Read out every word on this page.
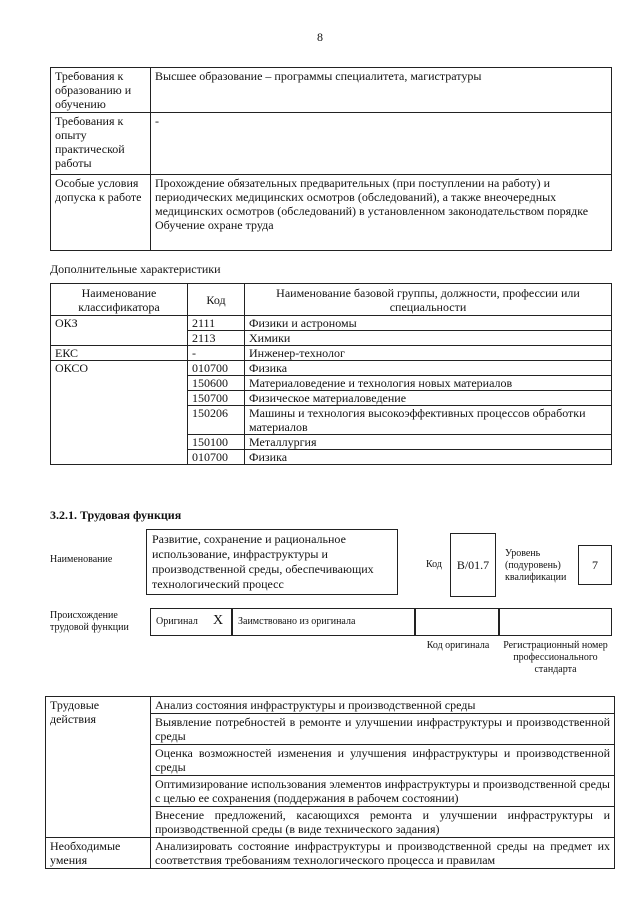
8
Требования к образованию и обучению	Высшее образование – программы специалитета, магистратуры
Требования к опыту практической работы	-
Особые условия допуска к работе	Прохождение обязательных предварительных (при поступлении на работу) и периодических медицинских осмотров (обследований), а также внеочередных медицинских осмотров (обследований) в установленном законодательством порядке
Обучение охране труда
Дополнительные характеристики
Наименование классификатора	Код	Наименование базовой группы, должности, профессии или специальности
ОКЗ	2111	Физики и астрономы
	2113	Химики
ЕКС	-	Инженер-технолог
ОКСО	010700	Физика
	150600	Материаловедение и технология новых материалов
	150700	Физическое материаловедение
	150206	Машины и технология высокоэффективных процессов обработки материалов
	150100	Металлургия
	010700	Физика
3.2.1. Трудовая функция
Наименование
Развитие, сохранение и рациональное использование, инфраструктуры и производственной среды, обеспечивающих технологический процесс
Код	B/01.7
Уровень (подуровень) квалификации
7
Происхождение трудовой функции
Оригинал X Заимствовано из оригинала
Код оригинала	Регистрационный номер профессионального стандарта
Трудовые действия	Анализ состояния инфраструктуры и производственной среды
	Выявление потребностей в ремонте и улучшении инфраструктуры и производственной среды
	Оценка возможностей изменения и улучшения инфраструктуры и производственной среды
	Оптимизирование использования элементов инфраструктуры и производственной среды с целью ее сохранения (поддержания в рабочем состоянии)
	Внесение предложений, касающихся ремонта и улучшении инфраструктуры и производственной среды (в виде технического задания)
Необходимые умения	Анализировать состояние инфраструктуры и производственной среды на предмет их соответствия требованиям технологического процесса и правилам
